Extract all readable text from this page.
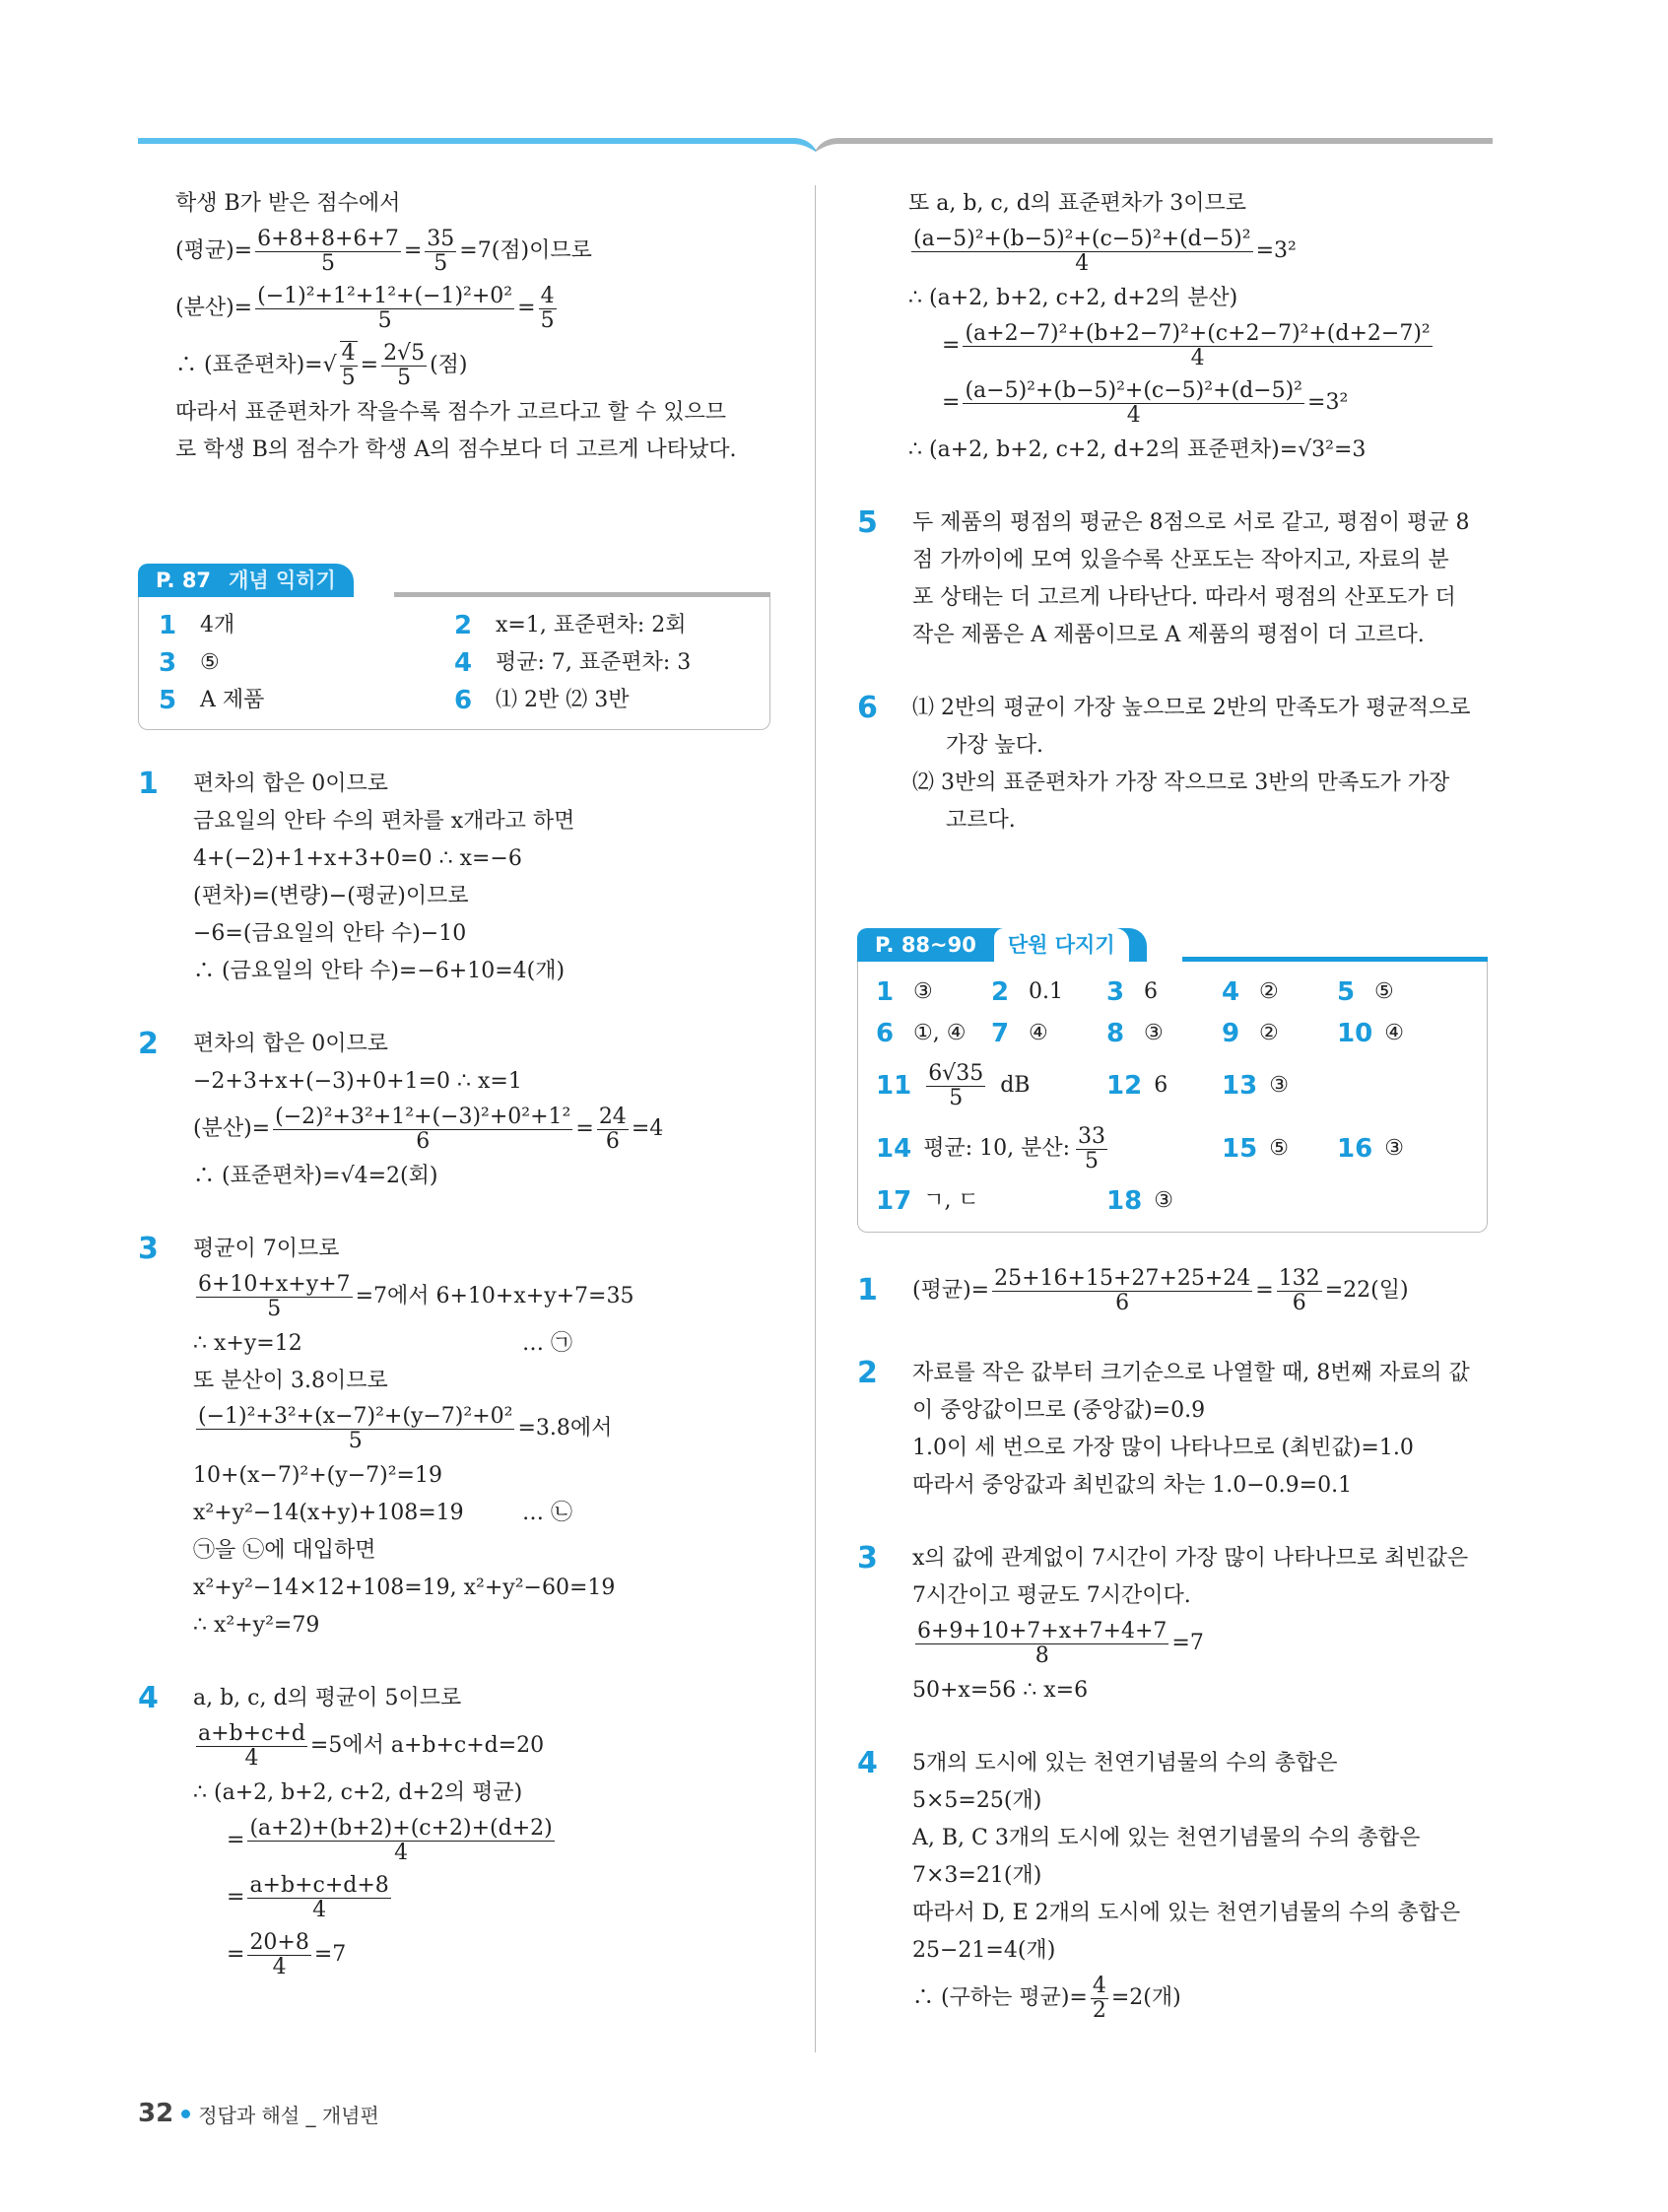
학생 B가 받은 점수에서
(평균)= $\frac{6+8+8+6+7}{5} = \frac{35}{5} =7$(점)이므로
(분산)= $\frac{\text{(−1)²+1²+1²+(−1)²+0²}}{5} = \frac{4}{5}$
∴ (표준편차)=√ $\frac{4}{5} = \frac{2√5}{5}$ (점)
따라서 표준편차가 작을수록 점수가 고르다고 할 수 있으므
로 학생 B의 점수가 학생 A의 점수보다 더 고르게 나타났다.
P. 87 개념 익히기
1	4개	2	x=1, 표준편차: 2회
3	⑤	4	평균: 7, 표준편차: 3
5	A 제품	6	⑴ 2반 ⑵ 3반
1 편차의 합은 0이므로
금요일의 안타 수의 편차를 x개라고 하면
4+(−2)+1+x+3+0=0 ∴ x=−6
(편차)=(변량)−(평균)이므로
−6=(금요일의 안타 수)−10
∴ (금요일의 안타 수)=−6+10=4(개)
2 편차의 합은 0이므로
−2+3+x+(−3)+0+1=0 ∴ x=1
(분산)= $\frac{\text{(−2)²+3²+1²+(−3)²+0²+1²}}{6} = \frac{24}{6} =4$
∴ (표준편차)=√4=2(회)
3 평균이 7이므로
$\frac{6+10+x+y+7}{5} =7$에서 6+10+x+y+7=35
∴ x+y=12	… ㉠
또 분산이 3.8이므로
$\frac{\text{(−1)²+3²+(x−7)²+(y−7)²+0²}}{5} =3.8$에서
10+(x−7)²+(y−7)²=19
x²+y²−14(x+y)+108=19	… ㉡
㉠을 ㉡에 대입하면
x²+y²−14×12+108=19, x²+y²−60=19
∴ x²+y²=79
4 a, b, c, d의 평균이 5이므로
$\frac{a+b+c+d}{4} =5$에서 a+b+c+d=20
∴ (a+2, b+2, c+2, d+2의 평균)
= $\frac{(a+2)+(b+2)+(c+2)+(d+2)}{4}$
= $\frac{a+b+c+d+8}{4}$
= $\frac{20+8}{4} =7$
또 a, b, c, d의 표준편차가 3이므로
$\frac{\text{(a−5)²+(b−5)²+(c−5)²+(d−5)²}}{4} =3^2$
∴ (a+2, b+2, c+2, d+2의 분산)
= $\frac{\text{(a+2−7)²+(b+2−7)²+(c+2−7)²+(d+2−7)²}}{4}$
= $\frac{\text{(a−5)²+(b−5)²+(c−5)²+(d−5)²}}{4} =3^2$
∴ (a+2, b+2, c+2, d+2의 표준편차)=√3²=3
5 두 제품의 평점의 평균은 8점으로 서로 같고, 평점이 평균 8
점 가까이에 모여 있을수록 산포도는 작아지고, 자료의 분
포 상태는 더 고르게 나타난다. 따라서 평점의 산포도가 더
작은 제품은 A 제품이므로 A 제품의 평점이 더 고르다.
6 ⑴ 2반의 평균이 가장 높으므로 2반의 만족도가 평균적으로
가장 높다.
⑵ 3반의 표준편차가 가장 작으므로 3반의 만족도가 가장
고르다.
P. 88~90	단원 다지기
1 ③ 2 0.1 3 6	4 ② 5 ⑤
6 ①, ④ 7 ④ 8 ③ 9 ② 10 ④
$11 \frac{6√35}{5}$ dB	12 6 13 ③
14 평균: 10, 분산: $\frac{33}{5}$	15 ⑤ 16 ③
17 ㄱ, ㄷ	18 ③
1 (평균)= $\frac{25+16+15+27+25+24}{6} = \frac{132}{6} =22$(일)
2 자료를 작은 값부터 크기순으로 나열할 때, 8번째 자료의 값
이 중앙값이므로 (중앙값)=0.9
1.0이 세 번으로 가장 많이 나타나므로 (최빈값)=1.0
따라서 중앙값과 최빈값의 차는 1.0−0.9=0.1
3 x의 값에 관계없이 7시간이 가장 많이 나타나므로 최빈값은
7시간이고 평균도 7시간이다.
$\frac{6+9+10+7+x+7+4+7}{8} =7$
50+x=56 ∴ x=6
4 5개의 도시에 있는 천연기념물의 수의 총합은
5×5=25(개)
A, B, C 3개의 도시에 있는 천연기념물의 수의 총합은
7×3=21(개)
따라서 D, E 2개의 도시에 있는 천연기념물의 수의 총합은
25−21=4(개)
∴ (구하는 평균)= $\frac{4}{2} =2$(개)
32 정답과 해설 _ 개념편
